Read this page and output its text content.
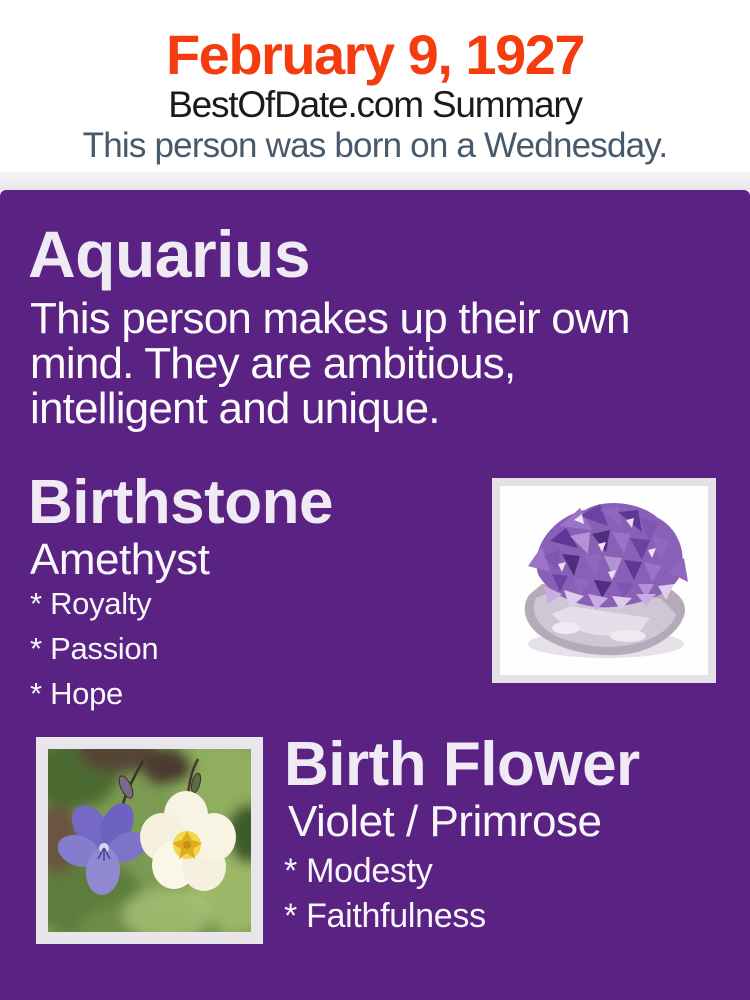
February 9, 1927
BestOfDate.com Summary
This person was born on a Wednesday.
Aquarius
This person makes up their own
mind. They are ambitious,
intelligent and unique.
Birthstone
Amethyst
* Royalty
* Passion
* Hope
Birth Flower
Violet / Primrose
* Modesty
* Faithfulness
